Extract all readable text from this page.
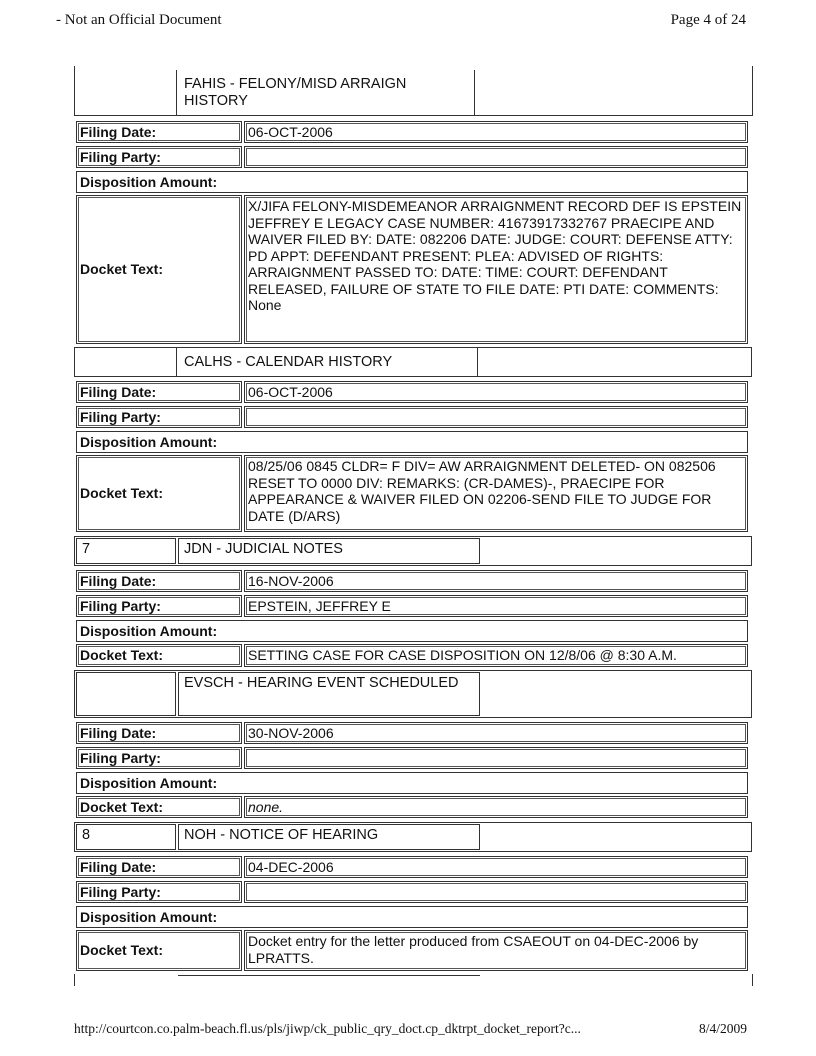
- Not an Official Document	Page 4 of 24
FAHIS - FELONY/MISD ARRAIGN HISTORY
Filing Date:	06-OCT-2006
Filing Party:
Disposition Amount:
Docket Text:
X/JIFA FELONY-MISDEMEANOR ARRAIGNMENT RECORD DEF IS EPSTEIN JEFFREY E LEGACY CASE NUMBER: 41673917332767 PRAECIPE AND WAIVER FILED BY: DATE: 082206 DATE: JUDGE: COURT: DEFENSE ATTY: PD APPT: DEFENDANT PRESENT: PLEA: ADVISED OF RIGHTS: ARRAIGNMENT PASSED TO: DATE: TIME: COURT: DEFENDANT RELEASED, FAILURE OF STATE TO FILE DATE: PTI DATE: COMMENTS: None
CALHS - CALENDAR HISTORY
Filing Date:	06-OCT-2006
Filing Party:
Disposition Amount:
Docket Text:
08/25/06 0845 CLDR= F DIV= AW ARRAIGNMENT DELETED- ON 082506 RESET TO 0000 DIV: REMARKS: (CR-DAMES)-, PRAECIPE FOR APPEARANCE & WAIVER FILED ON 02206-SEND FILE TO JUDGE FOR DATE (D/ARS)
7	JDN - JUDICIAL NOTES
Filing Date:	16-NOV-2006
Filing Party:	EPSTEIN, JEFFREY E
Disposition Amount:
Docket Text:	SETTING CASE FOR CASE DISPOSITION ON 12/8/06 @ 8:30 A.M.
EVSCH - HEARING EVENT SCHEDULED
Filing Date:	30-NOV-2006
Filing Party:
Disposition Amount:
Docket Text:	none.
8	NOH - NOTICE OF HEARING
Filing Date:	04-DEC-2006
Filing Party:
Disposition Amount:
Docket Text:
Docket entry for the letter produced from CSAEOUT on 04-DEC-2006 by LPRATTS.
http://courtcon.co.palm-beach.fl.us/pls/jiwp/ck_public_qry_doct.cp_dktrpt_docket_report?c...	8/4/2009
